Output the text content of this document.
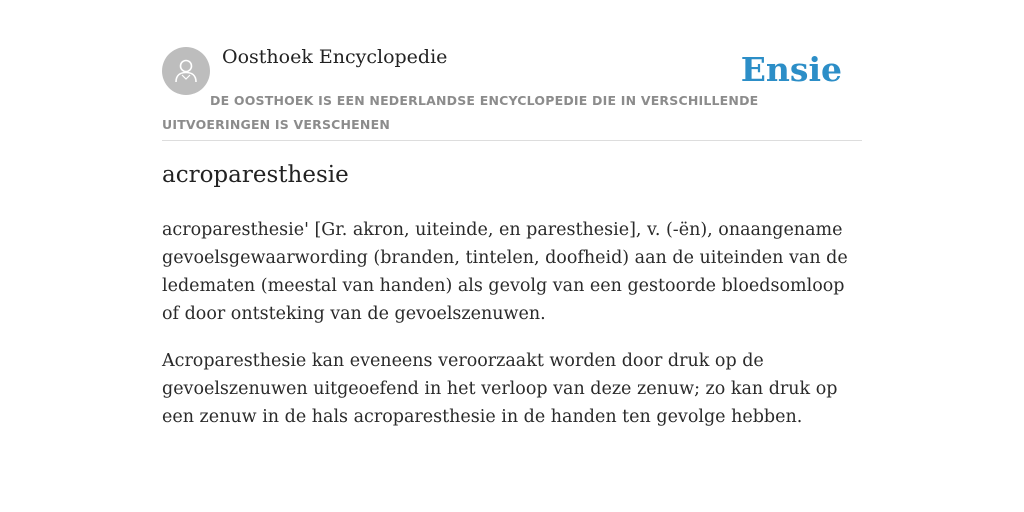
Oosthoek Encyclopedie	Ensie
DE OOSTHOEK IS EEN NEDERLANDSE ENCYCLOPEDIE DIE IN VERSCHILLENDE UITVOERINGEN IS VERSCHENEN
acroparesthesie

acroparesthesie' [Gr. akron, uiteinde, en paresthesie], v. (-ën), onaangename gevoelsgewaarwording (branden, tintelen, doofheid) aan de uiteinden van de ledematen (meestal van handen) als gevolg van een gestoorde bloedsomloop of door ontsteking van de gevoelszenuwen.

Acroparesthesie kan eveneens veroorzaakt worden door druk op de gevoelszenuwen uitgeoefend in het verloop van deze zenuw; zo kan druk op een zenuw in de hals acroparesthesie in de handen ten gevolge hebben.
